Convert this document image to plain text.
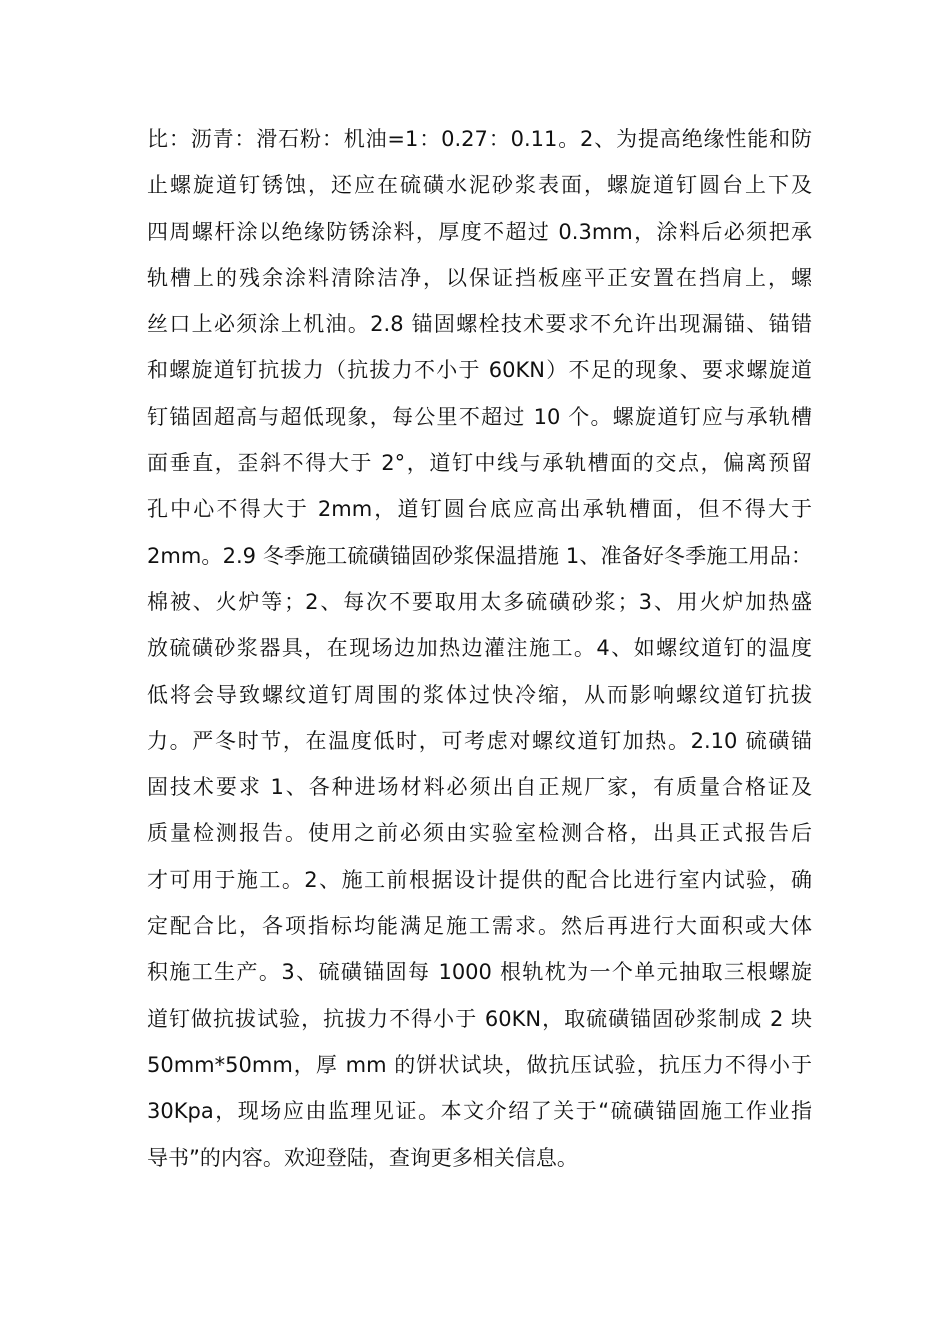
比：沥青：滑石粉：机油=1：0.27：0.11。2、为提高绝缘性能和防
止螺旋道钉锈蚀，还应在硫磺水泥砂浆表面，螺旋道钉圆台上下及
四周螺杆涂以绝缘防锈涂料，厚度不超过 0.3mm，涂料后必须把承
轨槽上的残余涂料清除洁净，以保证挡板座平正安置在挡肩上，螺
丝口上必须涂上机油。2.8 锚固螺栓技术要求不允许出现漏锚、锚错
和螺旋道钉抗拔力（抗拔力不小于 60KN）不足的现象、要求螺旋道
钉锚固超高与超低现象，每公里不超过 10 个。螺旋道钉应与承轨槽
面垂直，歪斜不得大于 2°，道钉中线与承轨槽面的交点，偏离预留
孔中心不得大于 2mm，道钉圆台底应高出承轨槽面，但不得大于
2mm。2.9 冬季施工硫磺锚固砂浆保温措施 1、准备好冬季施工用品：
棉被、火炉等；2、每次不要取用太多硫磺砂浆；3、用火炉加热盛
放硫磺砂浆器具，在现场边加热边灌注施工。4、如螺纹道钉的温度
低将会导致螺纹道钉周围的浆体过快冷缩，从而影响螺纹道钉抗拔
力。严冬时节，在温度低时，可考虑对螺纹道钉加热。2.10 硫磺锚
固技术要求 1、各种进场材料必须出自正规厂家，有质量合格证及
质量检测报告。使用之前必须由实验室检测合格，出具正式报告后
才可用于施工。2、施工前根据设计提供的配合比进行室内试验，确
定配合比，各项指标均能满足施工需求。然后再进行大面积或大体
积施工生产。3、硫磺锚固每 1000 根轨枕为一个单元抽取三根螺旋
道钉做抗拔试验，抗拔力不得小于 60KN，取硫磺锚固砂浆制成 2 块
50mm*50mm，厚 mm 的饼状试块，做抗压试验，抗压力不得小于
30Kpa，现场应由监理见证。本文介绍了关于“硫磺锚固施工作业指
导书”的内容。欢迎登陆，查询更多相关信息。
